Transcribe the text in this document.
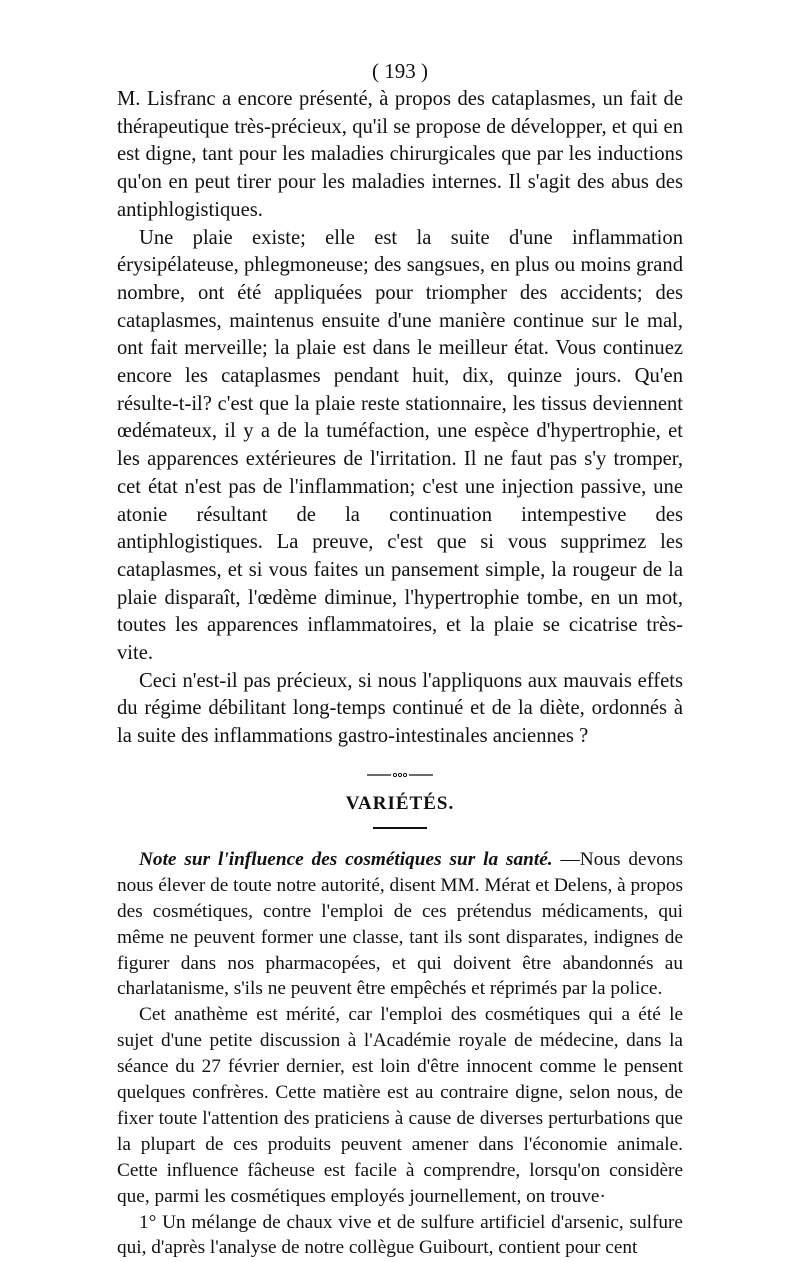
( 193 )

M. Lisfranc a encore présenté, à propos des cataplasmes, un fait de thérapeutique très-précieux, qu'il se propose de développer, et qui en est digne, tant pour les maladies chirurgicales que par les inductions qu'on en peut tirer pour les maladies internes. Il s'agit des abus des antiphlogistiques.

Une plaie existe; elle est la suite d'une inflammation érysipélateuse, phlegmoneuse; des sangsues, en plus ou moins grand nombre, ont été appliquées pour triompher des accidents; des cataplasmes, maintenus ensuite d'une manière continue sur le mal, ont fait merveille; la plaie est dans le meilleur état. Vous continuez encore les cataplasmes pendant huit, dix, quinze jours. Qu'en résulte-t-il? c'est que la plaie reste stationnaire, les tissus deviennent œdémateux, il y a de la tuméfaction, une espèce d'hypertrophie, et les apparences extérieures de l'irritation. Il ne faut pas s'y tromper, cet état n'est pas de l'inflammation; c'est une injection passive, une atonie résultant de la continuation intempestive des antiphlogistiques. La preuve, c'est que si vous supprimez les cataplasmes, et si vous faites un pansement simple, la rougeur de la plaie disparaît, l'œdème diminue, l'hypertrophie tombe, en un mot, toutes les apparences inflammatoires, et la plaie se cicatrise très-vite.

Ceci n'est-il pas précieux, si nous l'appliquons aux mauvais effets du régime débilitant long-temps continué et de la diète, ordonnés à la suite des inflammations gastro-intestinales anciennes ?

VARIÉTÉS.

Note sur l'influence des cosmétiques sur la santé. —Nous devons nous élever de toute notre autorité, disent MM. Mérat et Delens, à propos des cosmétiques, contre l'emploi de ces prétendus médicaments, qui même ne peuvent former une classe, tant ils sont disparates, indignes de figurer dans nos pharmacopées, et qui doivent être abandonnés au charlatanisme, s'ils ne peuvent être empêchés et réprimés par la police.

Cet anathème est mérité, car l'emploi des cosmétiques qui a été le sujet d'une petite discussion à l'Académie royale de médecine, dans la séance du 27 février dernier, est loin d'être innocent comme le pensent quelques confrères. Cette matière est au contraire digne, selon nous, de fixer toute l'attention des praticiens à cause de diverses perturbations que la plupart de ces produits peuvent amener dans l'économie animale. Cette influence fâcheuse est facile à comprendre, lorsqu'on considère que, parmi les cosmétiques employés journellement, on trouve·

1° Un mélange de chaux vive et de sulfure artificiel d'arsenic, sulfure qui, d'après l'analyse de notre collègue Guibourt, contient pour cent
